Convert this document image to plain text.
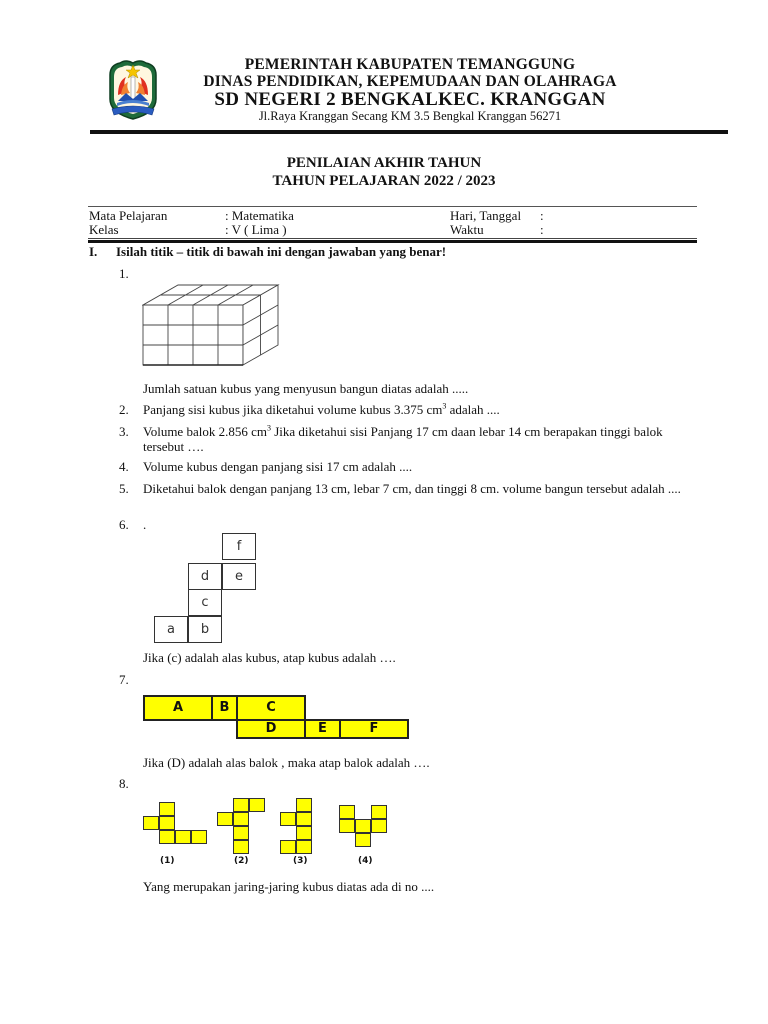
PEMERINTAH KABUPATEN TEMANGGUNG
DINAS PENDIDIKAN, KEPEMUDAAN DAN OLAHRAGA
SD NEGERI 2 BENGKALKEC. KRANGGAN
Jl.Raya Kranggan Secang KM 3.5 Bengkal Kranggan 56271
PENILAIAN AKHIR TAHUN
TAHUN PELAJARAN 2022 / 2023
Mata Pelajaran	: Matematika	Hari, Tanggal :
Kelas	: V ( Lima )	Waktu	:
I. Isilah titik – titik di bawah ini dengan jawaban yang benar!
1.
Jumlah satuan kubus yang menyusun bangun diatas adalah .....
2. Panjang sisi kubus jika diketahui volume kubus 3.375 $cm^3$ adalah ....
3. Volume balok 2.856 $cm^3$ Jika diketahui sisi Panjang 17 cm daan lebar 14 cm berapakan tinggi balok tersebut ….
4. Volume kubus dengan panjang sisi 17 cm adalah ....
5. Diketahui balok dengan panjang 13 cm, lebar 7 cm, dan tinggi 8 cm. volume bangun tersebut adalah ....
6. .
f
d	e
c
a	b
Jika (c) adalah alas kubus, atap kubus adalah ….
7.
A	B	C
D	E	F
Jika (D) adalah alas balok , maka atap balok adalah ….
8.
(1)	(2)	(3)	(4)
Yang merupakan jaring-jaring kubus diatas ada di no ....
